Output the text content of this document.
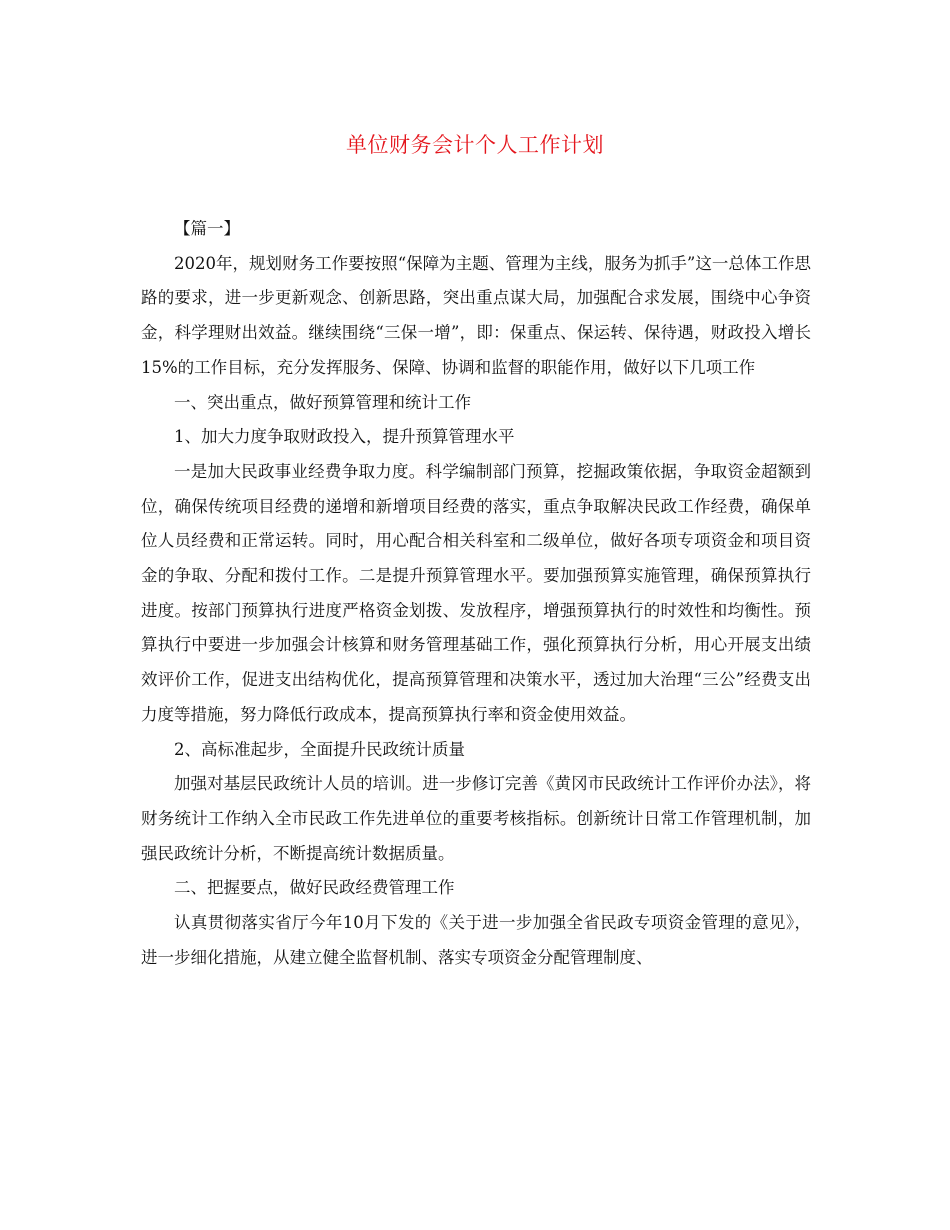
单位财务会计个人工作计划

【篇一】

2020年，规划财务工作要按照“保障为主题、管理为主线，服务为抓手”这一总体工作思路的要求，进一步更新观念、创新思路，突出重点谋大局，加强配合求发展，围绕中心争资金，科学理财出效益。继续围绕“三保一增”，即：保重点、保运转、保待遇，财政投入增长15%的工作目标，充分发挥服务、保障、协调和监督的职能作用，做好以下几项工作

一、突出重点，做好预算管理和统计工作

1、加大力度争取财政投入，提升预算管理水平

一是加大民政事业经费争取力度。科学编制部门预算，挖掘政策依据，争取资金超额到位，确保传统项目经费的递增和新增项目经费的落实，重点争取解决民政工作经费，确保单位人员经费和正常运转。同时，用心配合相关科室和二级单位，做好各项专项资金和项目资金的争取、分配和拨付工作。二是提升预算管理水平。要加强预算实施管理，确保预算执行进度。按部门预算执行进度严格资金划拨、发放程序，增强预算执行的时效性和均衡性。预算执行中要进一步加强会计核算和财务管理基础工作，强化预算执行分析，用心开展支出绩效评价工作，促进支出结构优化，提高预算管理和决策水平，透过加大治理“三公”经费支出力度等措施，努力降低行政成本，提高预算执行率和资金使用效益。

2、高标准起步，全面提升民政统计质量

加强对基层民政统计人员的培训。进一步修订完善《黄冈市民政统计工作评价办法》，将财务统计工作纳入全市民政工作先进单位的重要考核指标。创新统计日常工作管理机制，加强民政统计分析，不断提高统计数据质量。

二、把握要点，做好民政经费管理工作

认真贯彻落实省厅今年10月下发的《关于进一步加强全省民政专项资金管理的意见》，进一步细化措施，从建立健全监督机制、落实专项资金分配管理制度、
